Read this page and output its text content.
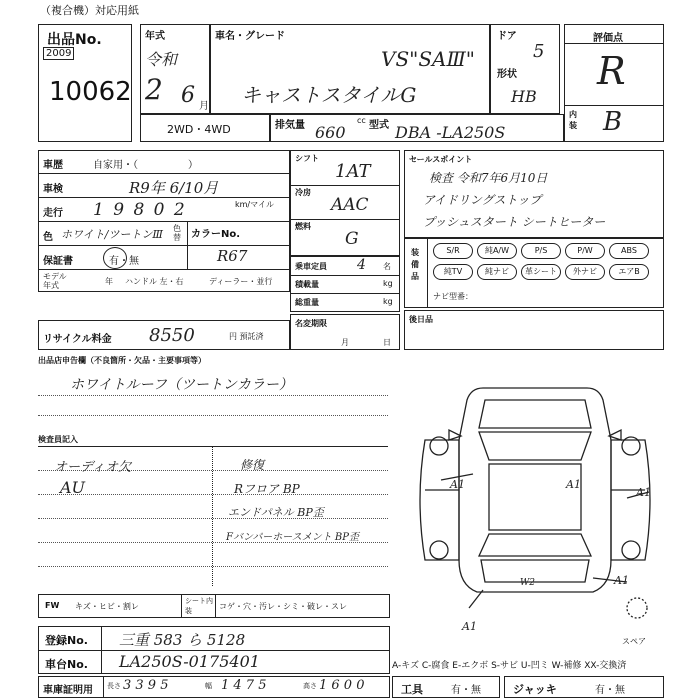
（複合機）対応用紙
出品No.
2009
10062
年式
令和
2 6 月
車名・グレード
VS"SAⅢ"
キャストスタイルG
ドア
5
形状
HB
評価点
R
内装 B
2WD・4WD	排気量 660
cc 型式 DBA -LA250S
車歴	自家用・（　　　　　）
車検	R9年 6/10月
走行 1 9 8 0 2	km/マイル
色 ホワイト/ツートンⅢ 色替	カラーNo.
R67
保証書	有・無
モデル年式	年 ハンドル 左・右	ディーラー・並行
リサイクル料金 8550	円 預託済
シフト
1AT
冷房
AAC
燃料
G
乗車定員 4 名
積載量	kg
総重量	kg
名変期限
月	日
セールスポイント
検査 令和7年6月10日
アイドリングストップ
プッシュスタート シートヒーター
装備品
S/R	純A/W	P/S	P/W	ABS
純TV	純ナビ	革シート	外ナビ	エアB
ナビ型番：
後日品
出品店申告欄（不良箇所・欠品・主要事項等）
ホワイトルーフ（ツートンカラー）
検査員記入
オーディオ欠
AU
修復
Rフロア BP
エンドパネル BP歪
Fバンパーホースメント BP歪
A1	A1
A1
A1
W2
A1
スペア
FW キズ・ヒビ・割レ
シート内装	コゲ・穴・汚レ・シミ・破レ・スレ
登録No. 三重 583 ら 5128
車台No. LA250S-0175401	A-キズ C-腐食 E-エクボ S-サビ U-凹ミ W-補修 XX-交換済
車庫証明用 長さ 3 3 9 5	幅 1 4 7 5	高さ 1 6 0 0	工具	有・無	ジャッキ	有・無
